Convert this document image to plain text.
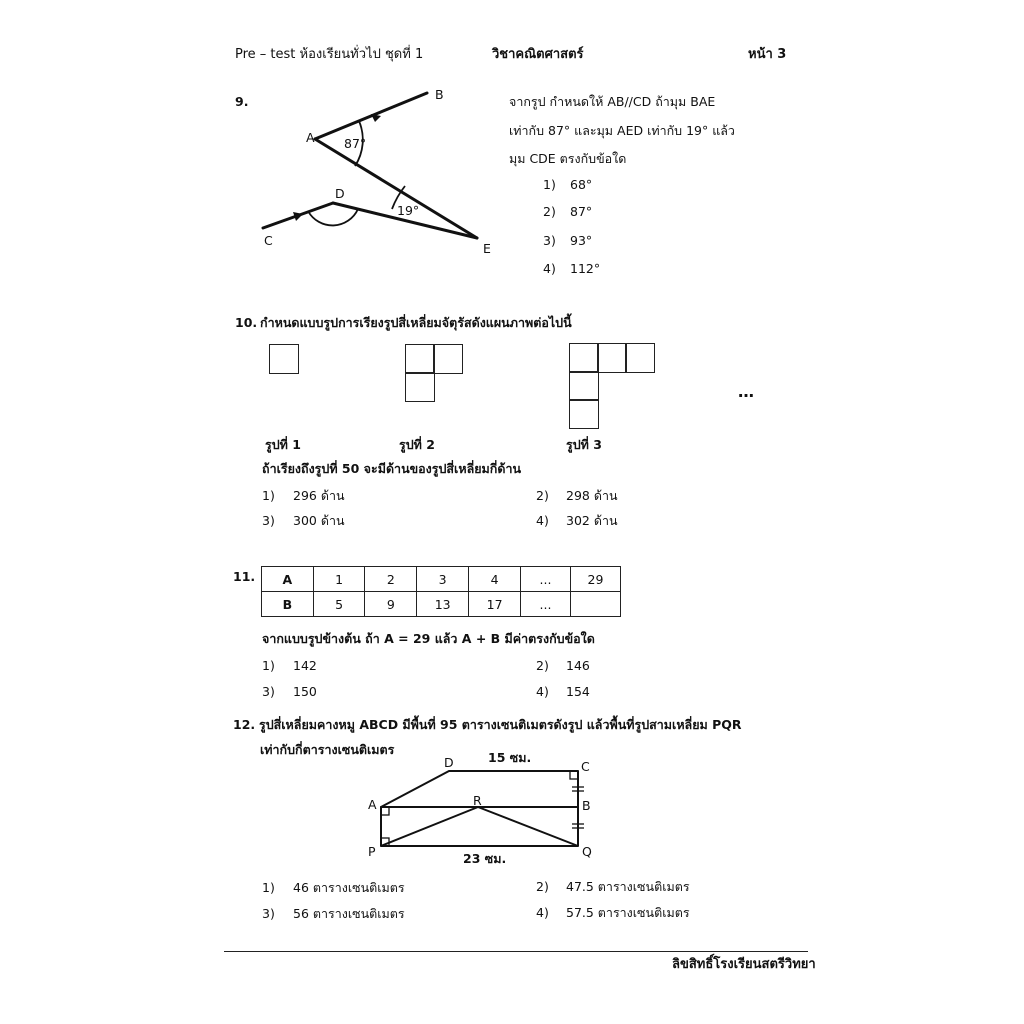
Pre – test ห้องเรียนทั่วไป ชุดที่ 1	วิชาคณิตศาสตร์	หน้า 3
9.	B
A 87°
D
19°
C
E
จากรูป กำหนดให้ AB//CD ถ้ามุม BAE
เท่ากับ 87° และมุม AED เท่ากับ 19° แล้ว
มุม CDE ตรงกับข้อใด
1) 68°
2) 87°
3) 93°
4) 112°
10. กำหนดแบบรูปการเรียงรูปสี่เหลี่ยมจัตุรัสดังแผนภาพต่อไปนี้
…
รูปที่ 1	รูปที่ 2	รูปที่ 3
ถ้าเรียงถึงรูปที่ 50 จะมีด้านของรูปสี่เหลี่ยมกี่ด้าน
1) 296 ด้าน	2) 298 ด้าน
3) 300 ด้าน	4) 302 ด้าน
11. A	1	2	3	4	...	29
B	5	9	13	17	...	
จากแบบรูปข้างต้น ถ้า A = 29 แล้ว A + B มีค่าตรงกับข้อใด
1) 142	2) 146
3) 150	4) 154
12. รูปสี่เหลี่ยมคางหมู ABCD มีพื้นที่ 95 ตารางเซนติเมตรดังรูป แล้วพื้นที่รูปสามเหลี่ยม PQR
เท่ากับกี่ตารางเซนติเมตร
D	15 ซม.
C
A	R	B
P	Q
23 ซม.
1) 46 ตารางเซนติเมตร	2) 47.5 ตารางเซนติเมตร
3) 56 ตารางเซนติเมตร	4) 57.5 ตารางเซนติเมตร
ลิขสิทธิ์โรงเรียนสตรีวิทยา
